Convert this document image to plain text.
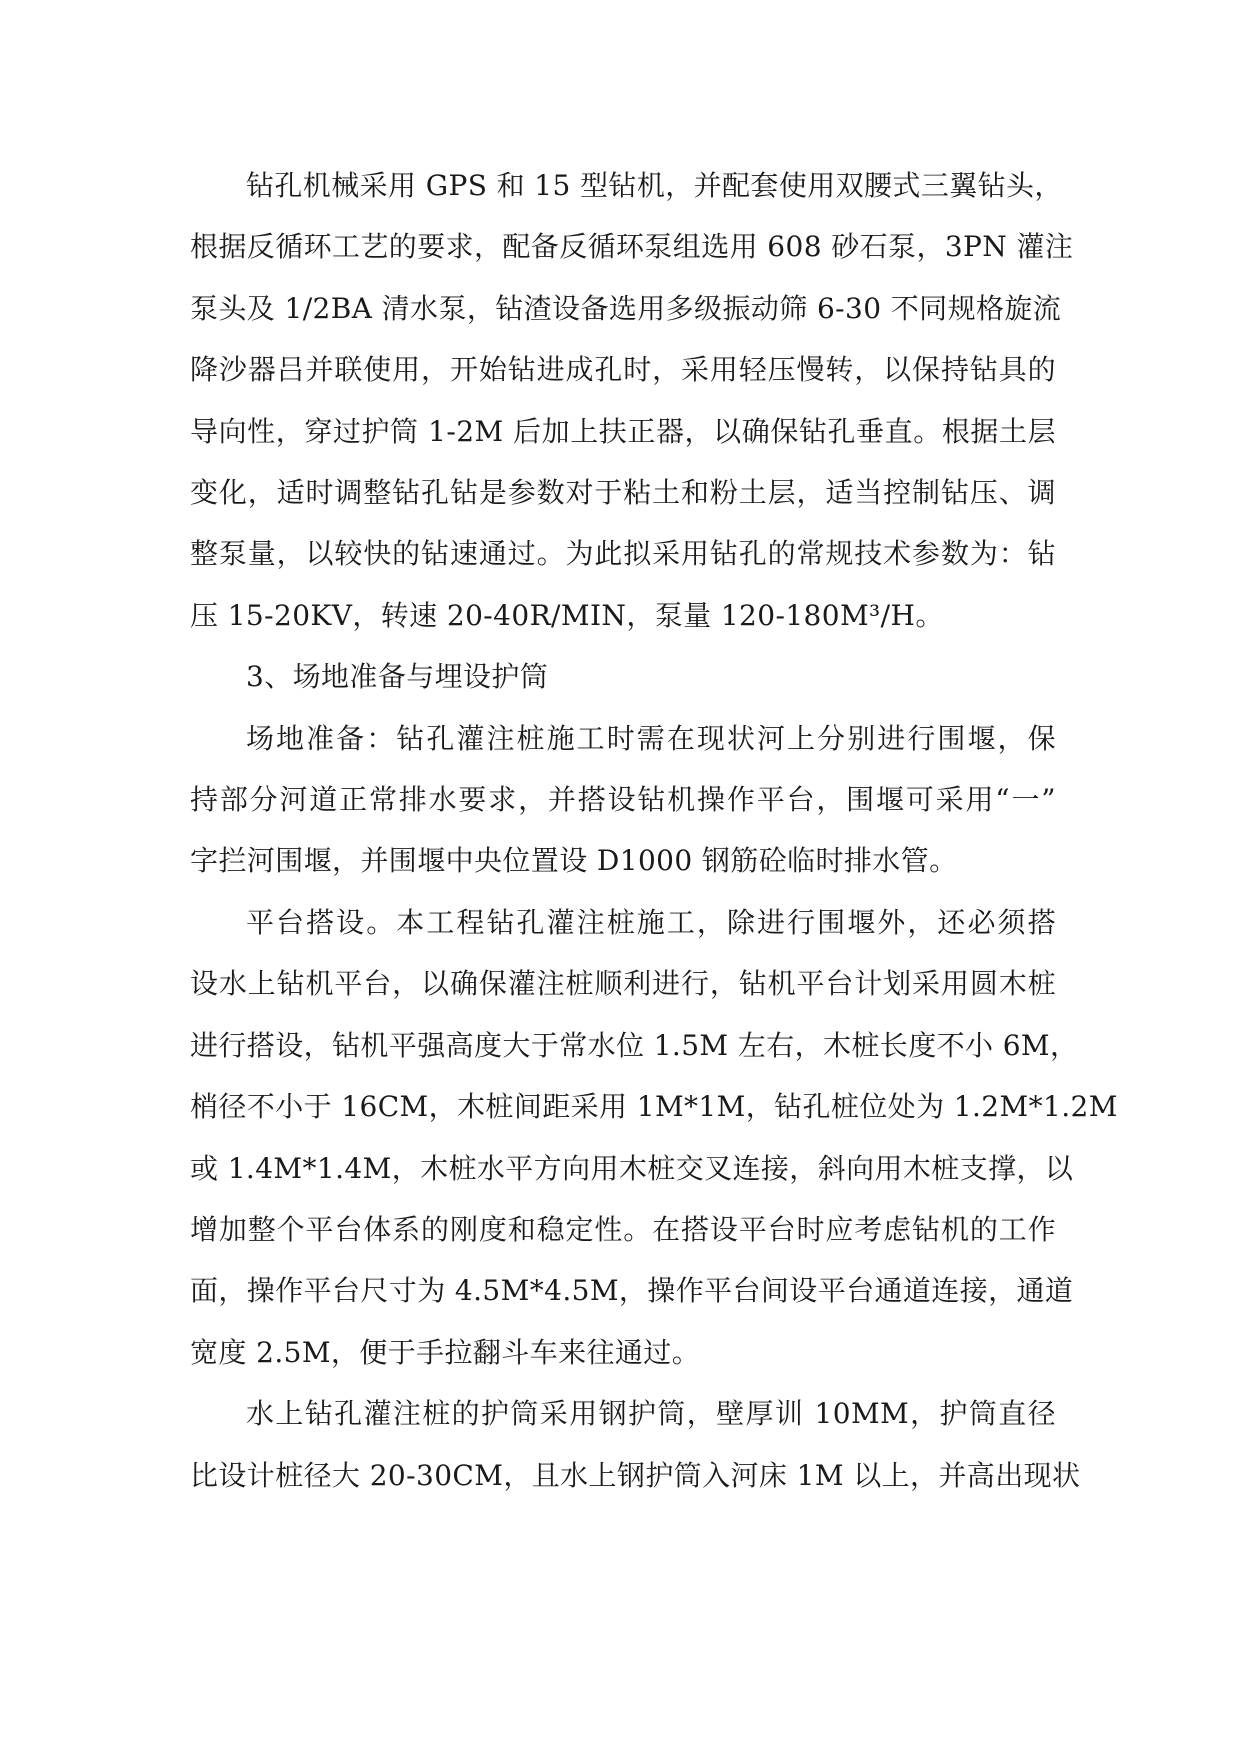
钻孔机械采用 GPS 和 15 型钻机，并配套使用双腰式三翼钻头，
根据反循环工艺的要求，配备反循环泵组选用 608 砂石泵，3PN 灌注
泵头及 1/2BA 清水泵，钻渣设备选用多级振动筛 6-30 不同规格旋流
降沙器吕并联使用，开始钻进成孔时，采用轻压慢转，以保持钻具的
导向性，穿过护筒 1-2M 后加上扶正器，以确保钻孔垂直。根据土层
变化，适时调整钻孔钻是参数对于粘土和粉土层，适当控制钻压、调
整泵量，以较快的钻速通过。为此拟采用钻孔的常规技术参数为：钻
压 15-20KV，转速 20-40R/MIN，泵量 120-180M³/H。
3、场地准备与埋设护筒
场地准备：钻孔灌注桩施工时需在现状河上分别进行围堰，保
持部分河道正常排水要求，并搭设钻机操作平台，围堰可采用“一”
字拦河围堰，并围堰中央位置设 D1000 钢筋砼临时排水管。
平台搭设。本工程钻孔灌注桩施工，除进行围堰外，还必须搭
设水上钻机平台，以确保灌注桩顺利进行，钻机平台计划采用圆木桩
进行搭设，钻机平强高度大于常水位 1.5M 左右，木桩长度不小 6M，
梢径不小于 16CM，木桩间距采用 1M*1M，钻孔桩位处为 1.2M*1.2M
或 1.4M*1.4M，木桩水平方向用木桩交叉连接，斜向用木桩支撑，以
增加整个平台体系的刚度和稳定性。在搭设平台时应考虑钻机的工作
面，操作平台尺寸为 4.5M*4.5M，操作平台间设平台通道连接，通道
宽度 2.5M，便于手拉翻斗车来往通过。
水上钻孔灌注桩的护筒采用钢护筒，壁厚训 10MM，护筒直径
比设计桩径大 20-30CM，且水上钢护筒入河床 1M 以上，并高出现状
